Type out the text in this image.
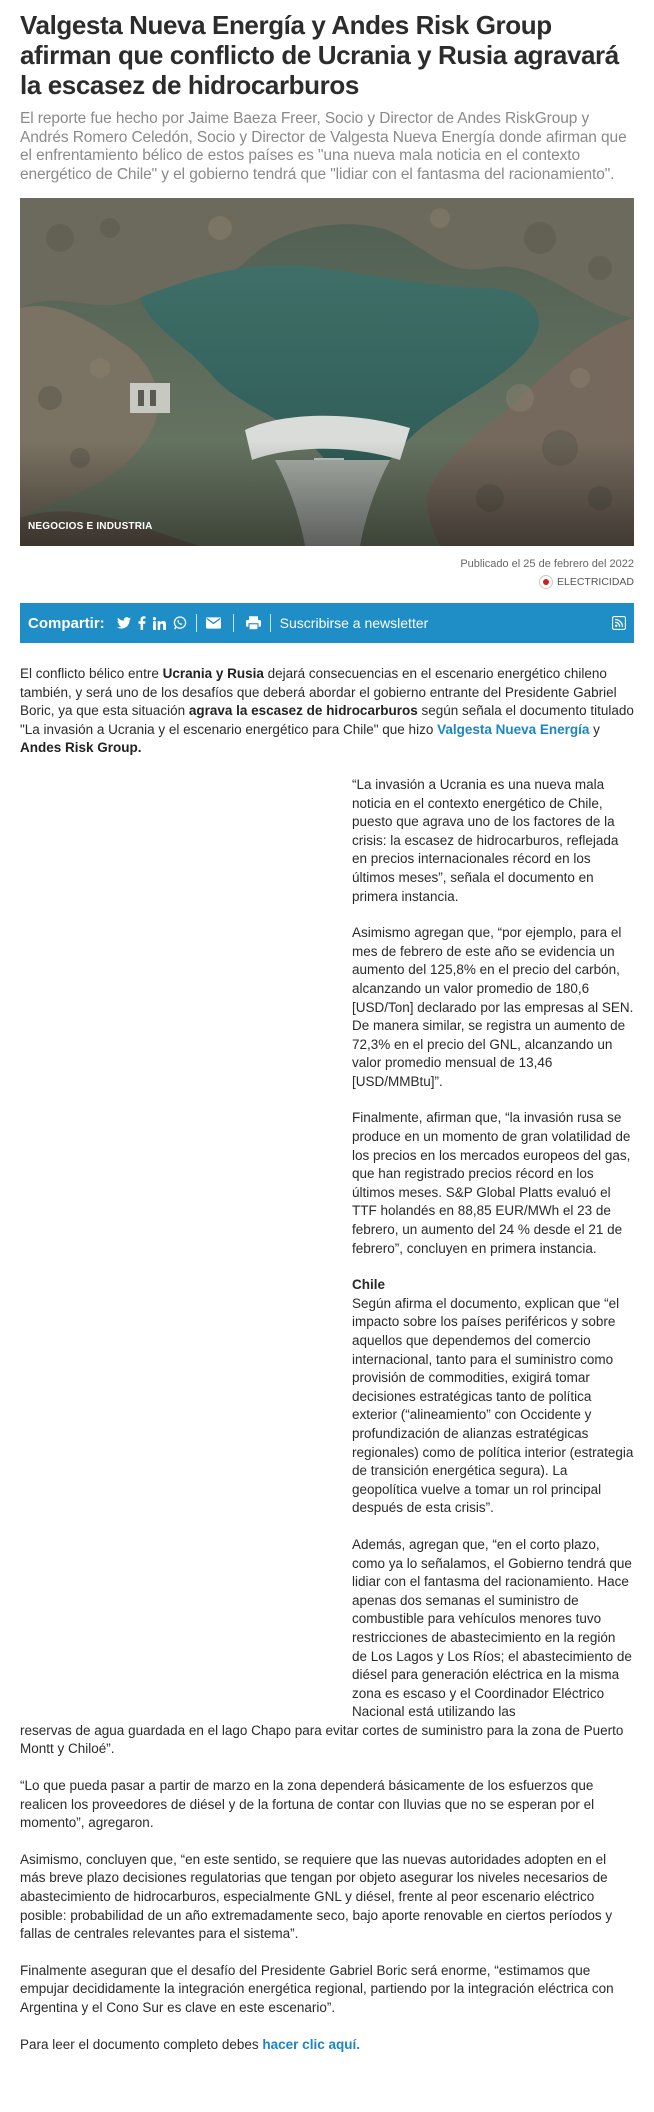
Valgesta Nueva Energía y Andes Risk Group afirman que conflicto de Ucrania y Rusia agravará la escasez de hidrocarburos

El reporte fue hecho por Jaime Baeza Freer, Socio y Director de Andes RiskGroup y Andrés Romero Celedón, Socio y Director de Valgesta Nueva Energía donde afirman que el enfrentamiento bélico de estos países es "una nueva mala noticia en el contexto energético de Chile" y el gobierno tendrá que "lidiar con el fantasma del racionamiento".

NEGOCIOS E INDUSTRIA
Publicado el 25 de febrero del 2022
ELECTRICIDAD
Compartir:	Suscribirse a newsletter

El conflicto bélico entre Ucrania y Rusia dejará consecuencias en el escenario energético chileno también, y será uno de los desafíos que deberá abordar el gobierno entrante del Presidente Gabriel Boric, ya que esta situación agrava la escasez de hidrocarburos según señala el documento titulado "La invasión a Ucrania y el escenario energético para Chile" que hizo Valgesta Nueva Energía y Andes Risk Group.

“La invasión a Ucrania es una nueva mala noticia en el contexto energético de Chile, puesto que agrava uno de los factores de la crisis: la escasez de hidrocarburos, reflejada en precios internacionales récord en los últimos meses”, señala el documento en primera instancia.

Asimismo agregan que, “por ejemplo, para el mes de febrero de este año se evidencia un aumento del 125,8% en el precio del carbón, alcanzando un valor promedio de 180,6 [USD/Ton] declarado por las empresas al SEN. De manera similar, se registra un aumento de 72,3% en el precio del GNL, alcanzando un valor promedio mensual de 13,46 [USD/MMBtu]”.

Finalmente, afirman que, “la invasión rusa se produce en un momento de gran volatilidad de los precios en los mercados europeos del gas, que han registrado precios récord en los últimos meses. S&P Global Platts evaluó el TTF holandés en 88,85 EUR/MWh el 23 de febrero, un aumento del 24 % desde el 21 de febrero”, concluyen en primera instancia.

Chile
Según afirma el documento, explican que “el impacto sobre los países periféricos y sobre aquellos que dependemos del comercio internacional, tanto para el suministro como provisión de commodities, exigirá tomar decisiones estratégicas tanto de política exterior (“alineamiento” con Occidente y profundización de alianzas estratégicas regionales) como de política interior (estrategia de transición energética segura). La geopolítica vuelve a tomar un rol principal después de esta crisis”.

Además, agregan que, “en el corto plazo, como ya lo señalamos, el Gobierno tendrá que lidiar con el fantasma del racionamiento. Hace apenas dos semanas el suministro de combustible para vehículos menores tuvo restricciones de abastecimiento en la región de Los Lagos y Los Ríos; el abastecimiento de diésel para generación eléctrica en la misma zona es escaso y el Coordinador Eléctrico Nacional está utilizando las

reservas de agua guardada en el lago Chapo para evitar cortes de suministro para la zona de Puerto Montt y Chiloé”.

“Lo que pueda pasar a partir de marzo en la zona dependerá básicamente de los esfuerzos que realicen los proveedores de diésel y de la fortuna de contar con lluvias que no se esperan por el momento”, agregaron.

Asimismo, concluyen que, “en este sentido, se requiere que las nuevas autoridades adopten en el más breve plazo decisiones regulatorias que tengan por objeto asegurar los niveles necesarios de abastecimiento de hidrocarburos, especialmente GNL y diésel, frente al peor escenario eléctrico posible: probabilidad de un año extremadamente seco, bajo aporte renovable en ciertos períodos y fallas de centrales relevantes para el sistema”.

Finalmente aseguran que el desafío del Presidente Gabriel Boric será enorme, “estimamos que empujar decididamente la integración energética regional, partiendo por la integración eléctrica con Argentina y el Cono Sur es clave en este escenario”.

Para leer el documento completo debes hacer clic aquí.
